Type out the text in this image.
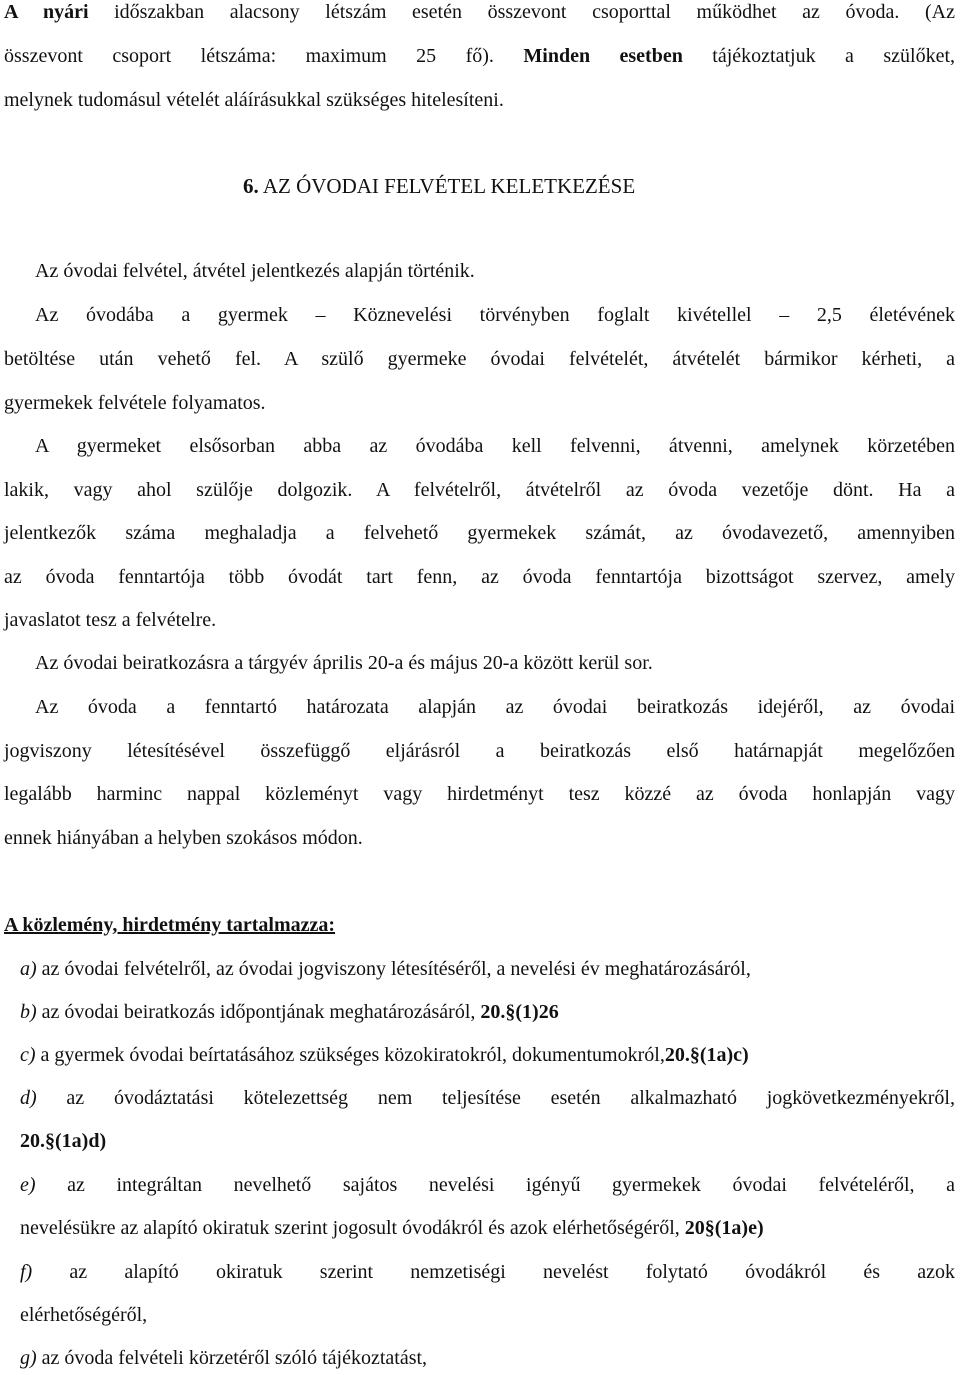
A nyári időszakban alacsony létszám esetén összevont csoporttal működhet az óvoda. (Az
összevont csoport létszáma: maximum 25 fő). Minden esetben tájékoztatjuk a szülőket,
melynek tudomásul vételét aláírásukkal szükséges hitelesíteni.
6. AZ ÓVODAI FELVÉTEL KELETKEZÉSE
Az óvodai felvétel, átvétel jelentkezés alapján történik.
Az óvodába a gyermek – Köznevelési törvényben foglalt kivétellel – 2,5 életévének
betöltése után vehető fel. A szülő gyermeke óvodai felvételét, átvételét bármikor kérheti, a
gyermekek felvétele folyamatos.
A gyermeket elsősorban abba az óvodába kell felvenni, átvenni, amelynek körzetében
lakik, vagy ahol szülője dolgozik. A felvételről, átvételről az óvoda vezetője dönt. Ha a
jelentkezők száma meghaladja a felvehető gyermekek számát, az óvodavezető, amennyiben
az óvoda fenntartója több óvodát tart fenn, az óvoda fenntartója bizottságot szervez, amely
javaslatot tesz a felvételre.
Az óvodai beiratkozásra a tárgyév április 20-a és május 20-a között kerül sor.
Az óvoda a fenntartó határozata alapján az óvodai beiratkozás idejéről, az óvodai
jogviszony létesítésével összefüggő eljárásról a beiratkozás első határnapját megelőzően
legalább harminc nappal közleményt vagy hirdetményt tesz közzé az óvoda honlapján vagy
ennek hiányában a helyben szokásos módon.
A közlemény, hirdetmény tartalmazza:
a) az óvodai felvételről, az óvodai jogviszony létesítéséről, a nevelési év meghatározásáról,
b) az óvodai beiratkozás időpontjának meghatározásáról, 20.§(1)26
c) a gyermek óvodai beírtatásához szükséges közokiratokról, dokumentumokról,20.§(1a)c)
d) az óvodáztatási kötelezettség nem teljesítése esetén alkalmazható jogkövetkezményekről,
20.§(1a)d)
e) az integráltan nevelhető sajátos nevelési igényű gyermekek óvodai felvételéről, a
nevelésükre az alapító okiratuk szerint jogosult óvodákról és azok elérhetőségéről, 20§(1a)e)
f) az alapító okiratuk szerint nemzetiségi nevelést folytató óvodákról és azok
elérhetőségéről,
g) az óvoda felvételi körzetéről szóló tájékoztatást,
